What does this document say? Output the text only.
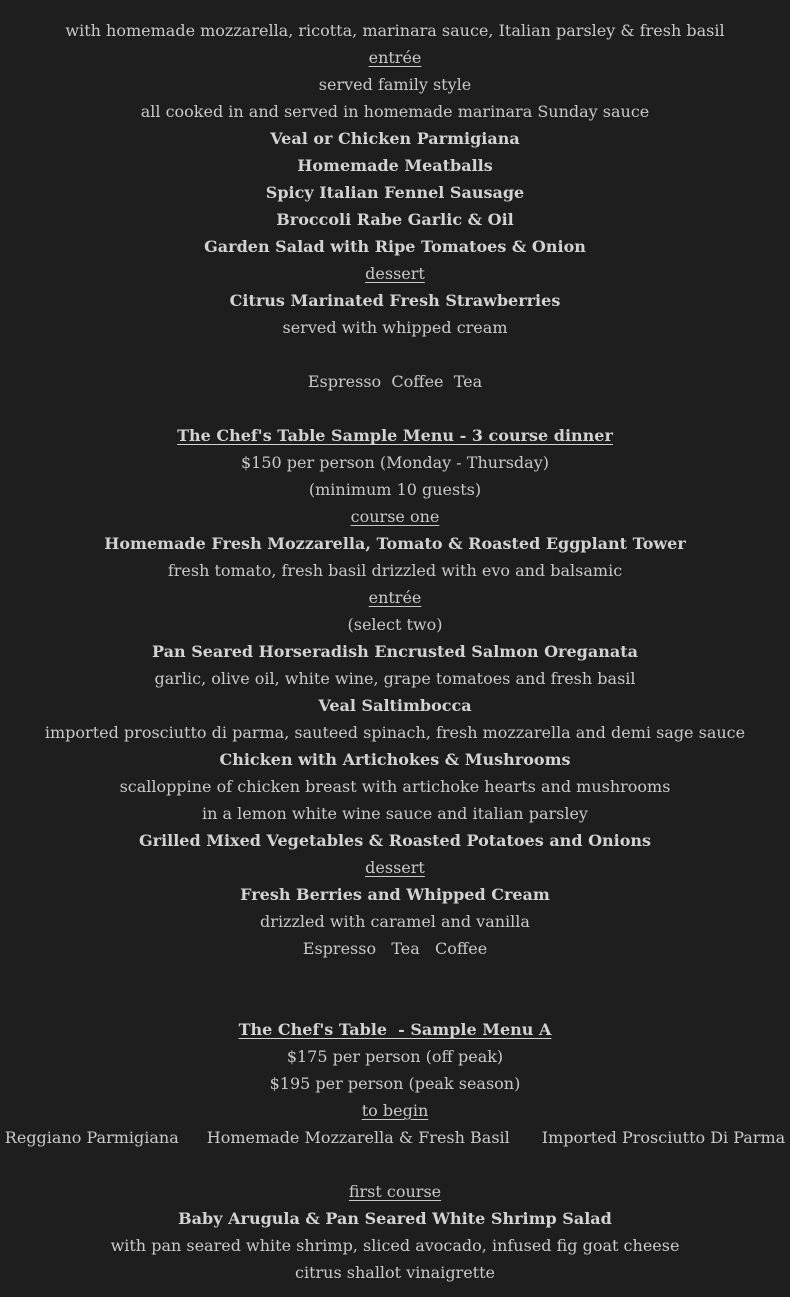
with homemade mozzarella, ricotta, marinara sauce, Italian parsley & fresh basil
entrée
served family style
all cooked in and served in homemade marinara Sunday sauce
Veal or Chicken Parmigiana
Homemade Meatballs
Spicy Italian Fennel Sausage
Broccoli Rabe Garlic & Oil
Garden Salad with Ripe Tomatoes & Onion
dessert
Citrus Marinated Fresh Strawberries
served with whipped cream
Espresso  Coffee  Tea
The Chef's Table Sample Menu - 3 course dinner
$150 per person (Monday - Thursday)
(minimum 10 guests)
course one
Homemade Fresh Mozzarella, Tomato & Roasted Eggplant Tower
fresh tomato, fresh basil drizzled with evo and balsamic
entrée
(select two)
Pan Seared Horseradish Encrusted Salmon Oreganata
garlic, olive oil, white wine, grape tomatoes and fresh basil
Veal Saltimbocca
imported prosciutto di parma, sauteed spinach, fresh mozzarella and demi sage sauce
Chicken with Artichokes & Mushrooms
scalloppine of chicken breast with artichoke hearts and mushrooms
in a lemon white wine sauce and italian parsley
Grilled Mixed Vegetables & Roasted Potatoes and Onions
dessert
Fresh Berries and Whipped Cream
drizzled with caramel and vanilla
Espresso   Tea   Coffee
The Chef's Table  - Sample Menu A
$175 per person (off peak)
$195 per person (peak season)
to begin
Reggiano Parmigiana Homemade Mozzarella & Fresh Basil Imported Prosciutto Di Parma
first course
Baby Arugula & Pan Seared White Shrimp Salad
with pan seared white shrimp, sliced avocado, infused fig goat cheese
citrus shallot vinaigrette
